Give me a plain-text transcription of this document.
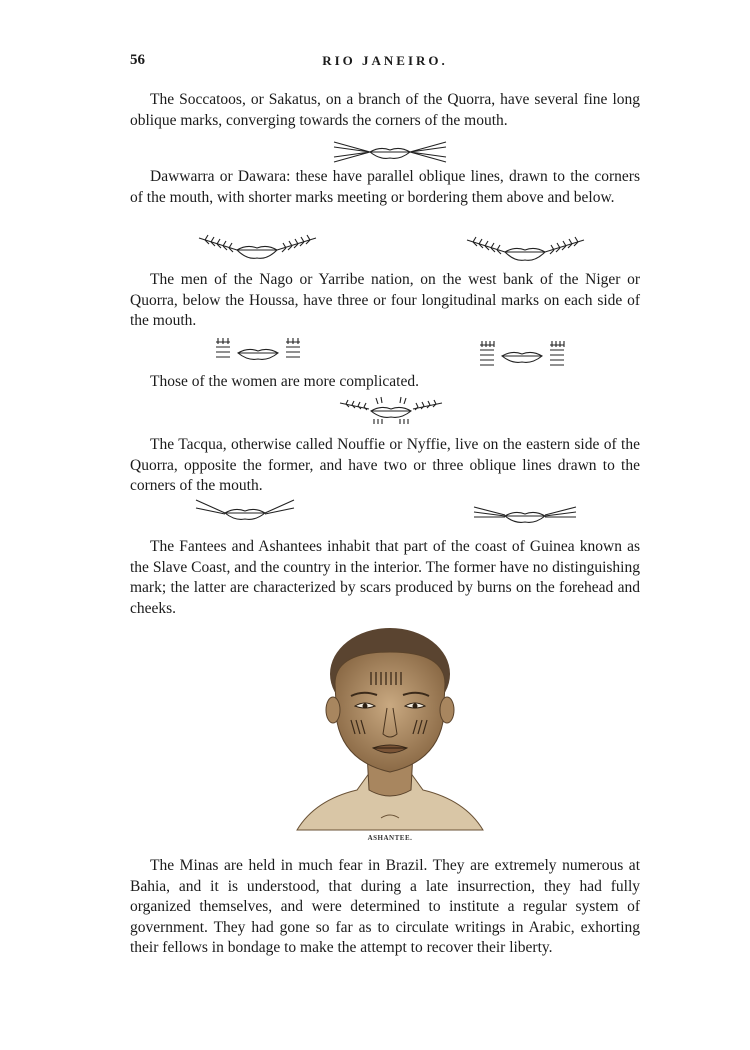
56	RIO JANEIRO.

The Soccatoos, or Sakatus, on a branch of the Quorra, have several fine long oblique marks, converging towards the corners of the mouth.

Dawwarra or Dawara: these have parallel oblique lines, drawn to the corners of the mouth, with shorter marks meeting or bordering them above and below.

The men of the Nago or Yarribe nation, on the west bank of the Niger or Quorra, below the Houssa, have three or four longitudinal marks on each side of the mouth.

Those of the women are more complicated.

The Tacqua, otherwise called Nouffie or Nyffie, live on the eastern side of the Quorra, opposite the former, and have two or three oblique lines drawn to the corners of the mouth.

The Fantees and Ashantees inhabit that part of the coast of Guinea known as the Slave Coast, and the country in the interior. The former have no distinguishing mark; the latter are characterized by scars produced by burns on the forehead and cheeks.

ASHANTEE.

The Minas are held in much fear in Brazil. They are extremely numerous at Bahia, and it is understood, that during a late insurrection, they had fully organized themselves, and were determined to institute a regular system of government. They had gone so far as to circulate writings in Arabic, exhorting their fellows in bondage to make the attempt to recover their liberty.
